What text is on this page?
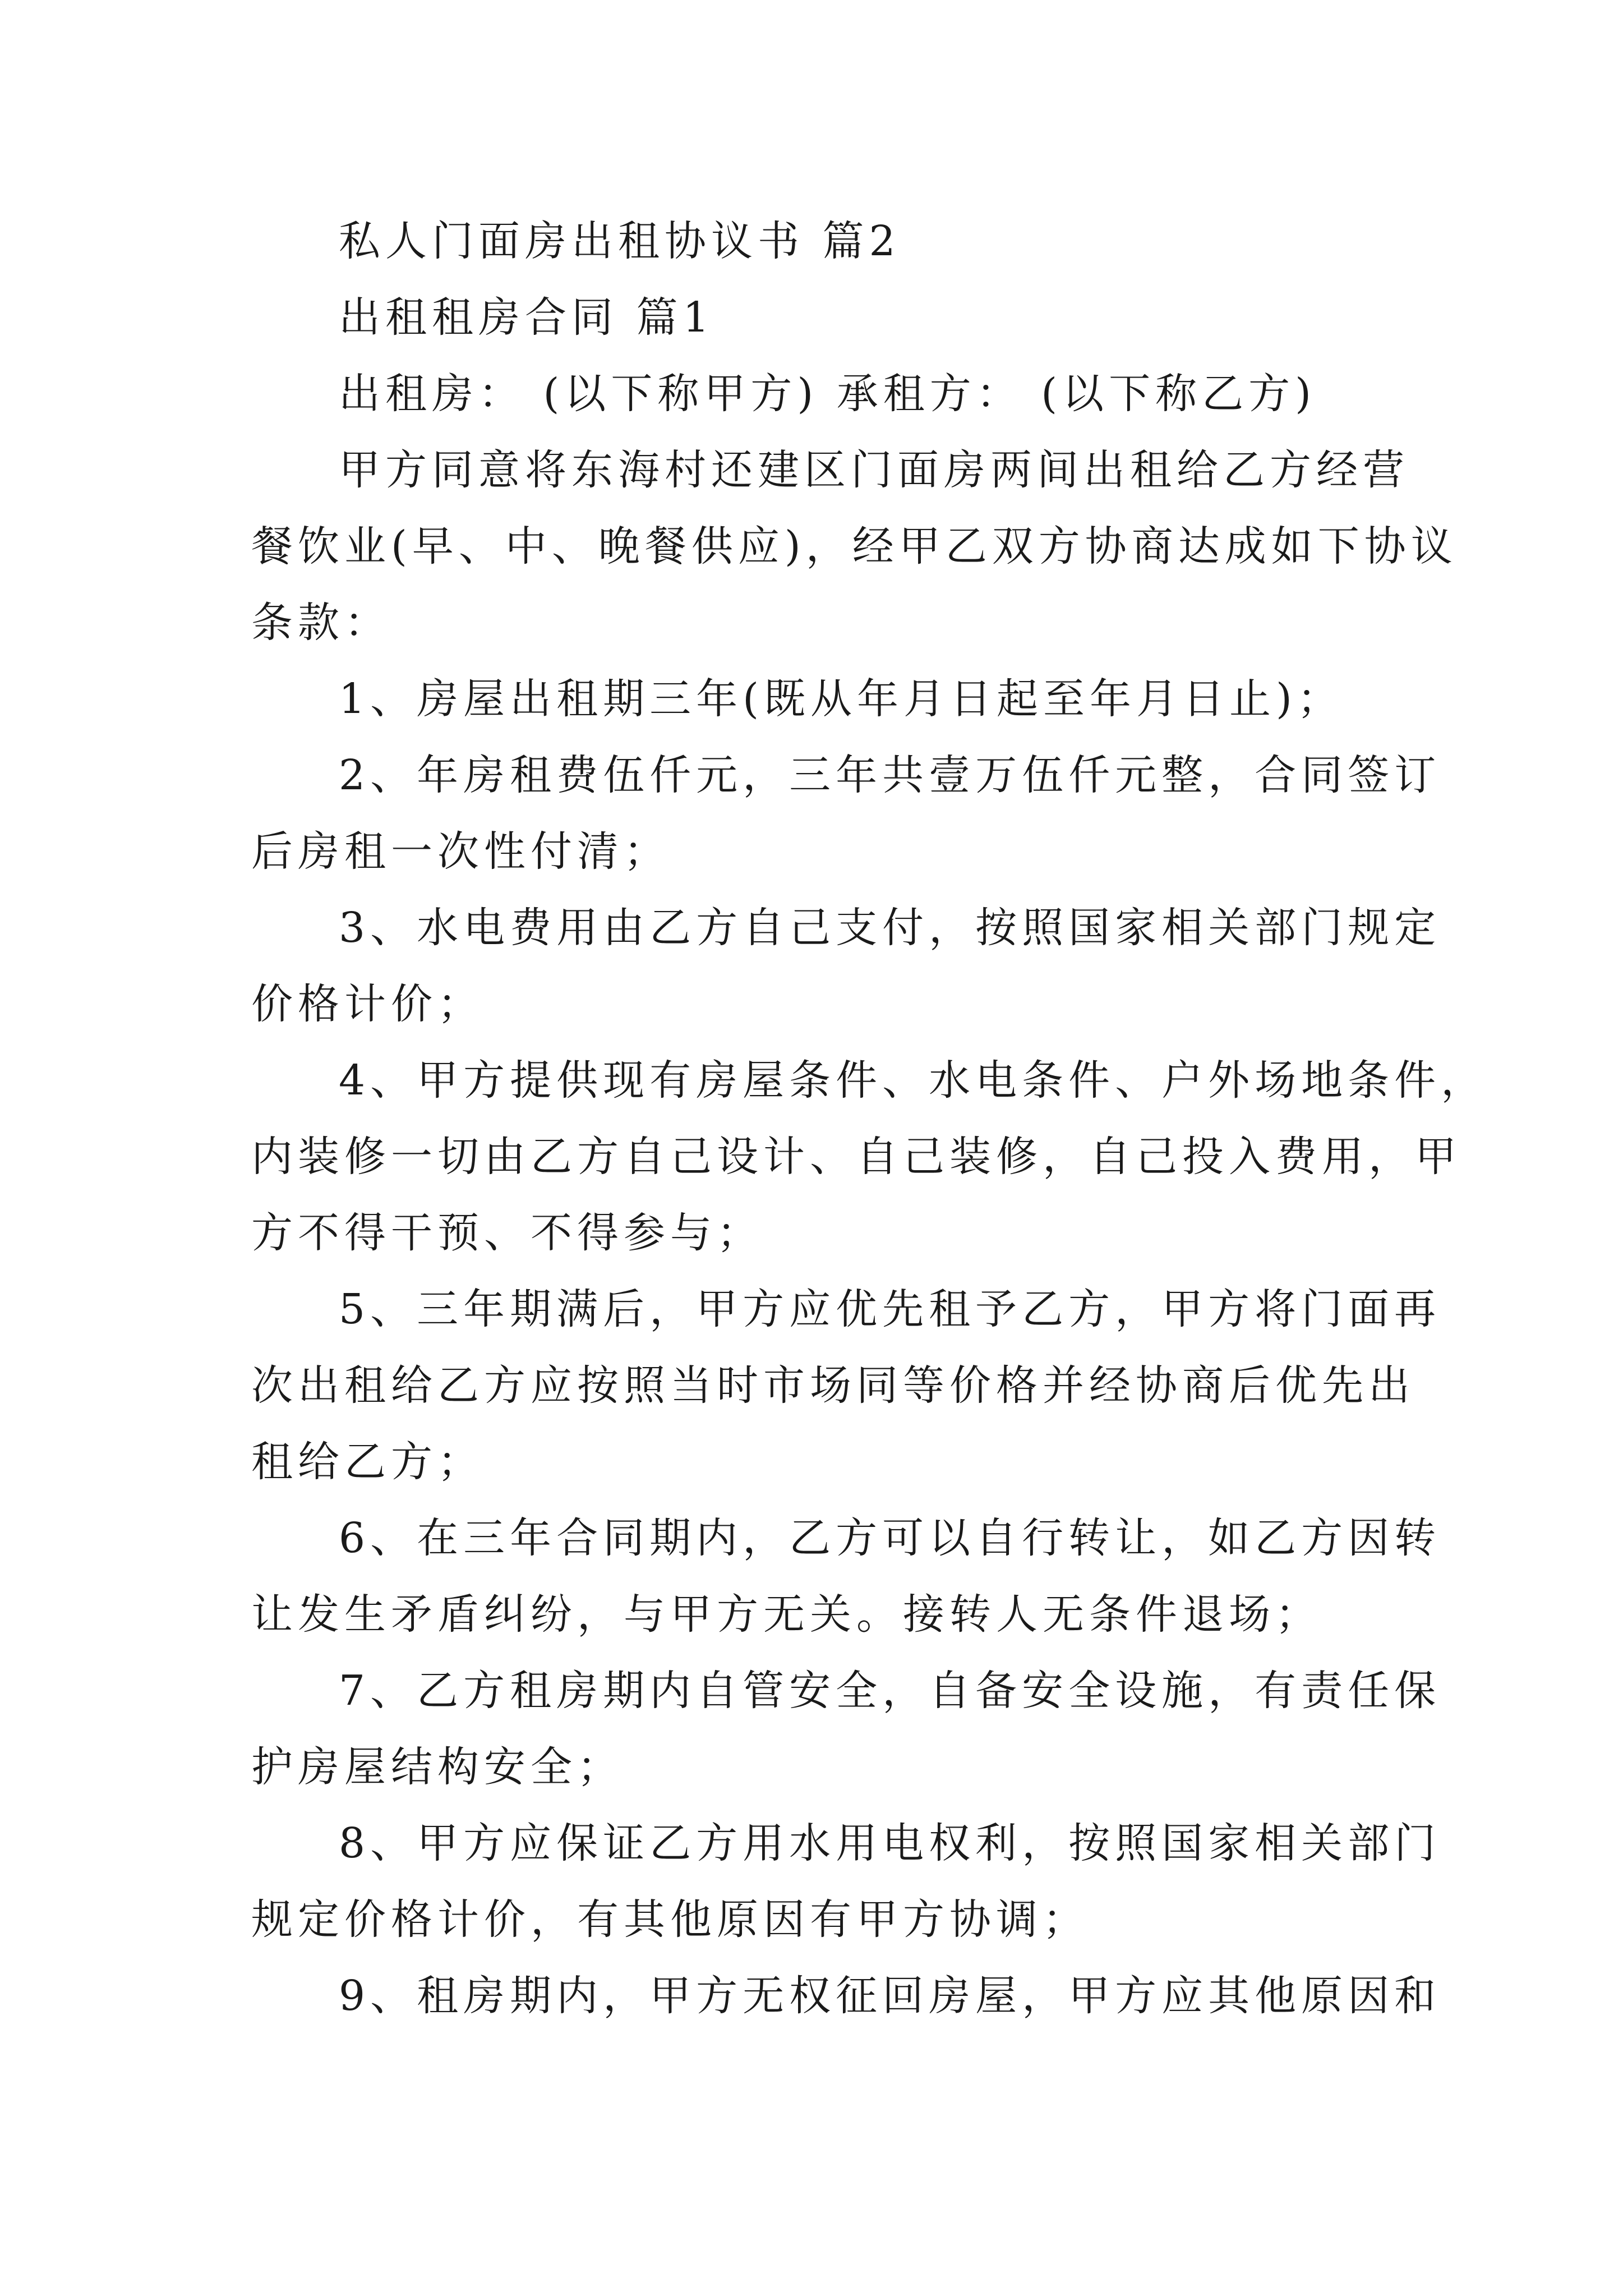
私人门面房出租协议书 篇2
出租租房合同 篇1
出租房： (以下称甲方) 承租方： (以下称乙方)
甲方同意将东海村还建区门面房两间出租给乙方经营
餐饮业(早、中、晚餐供应)，经甲乙双方协商达成如下协议
条款：
1、房屋出租期三年(既从年月日起至年月日止)；
2、年房租费伍仟元，三年共壹万伍仟元整，合同签订
后房租一次性付清；
3、水电费用由乙方自己支付，按照国家相关部门规定
价格计价；
4、甲方提供现有房屋条件、水电条件、户外场地条件，
内装修一切由乙方自己设计、自己装修，自己投入费用，甲
方不得干预、不得参与；
5、三年期满后，甲方应优先租予乙方，甲方将门面再
次出租给乙方应按照当时市场同等价格并经协商后优先出
租给乙方；
6、在三年合同期内，乙方可以自行转让，如乙方因转
让发生矛盾纠纷，与甲方无关。接转人无条件退场；
7、乙方租房期内自管安全，自备安全设施，有责任保
护房屋结构安全；
8、甲方应保证乙方用水用电权利，按照国家相关部门
规定价格计价，有其他原因有甲方协调；
9、租房期内，甲方无权征回房屋，甲方应其他原因和
